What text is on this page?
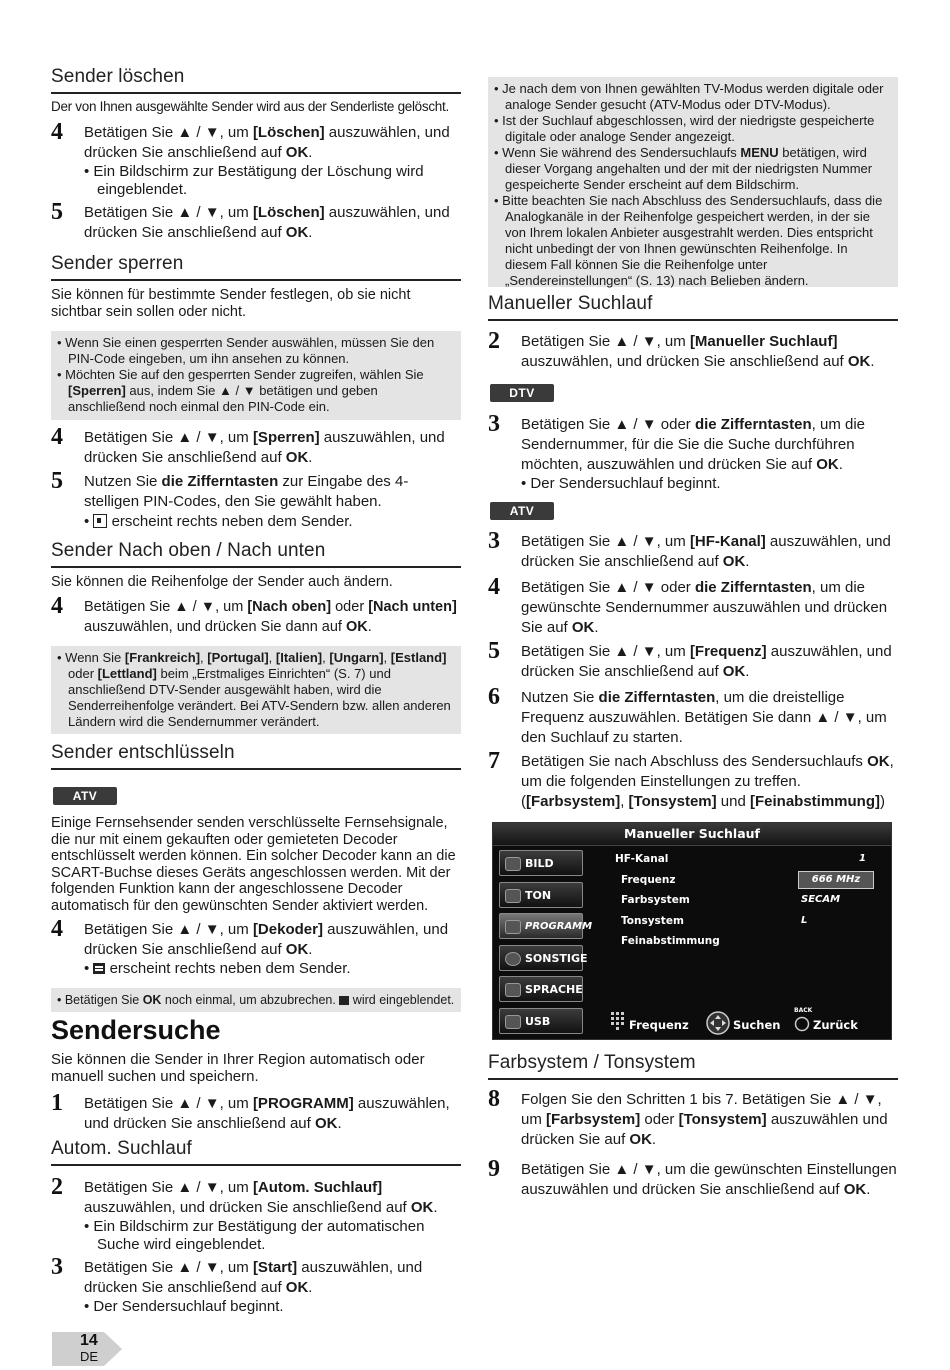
Sender löschen
Der von Ihnen ausgewählte Sender wird aus der Senderliste gelöscht.
4 Betätigen Sie ▲ / ▼, um [Löschen] auszuwählen, und drücken Sie anschließend auf OK.
• Ein Bildschirm zur Bestätigung der Löschung wird eingeblendet.
5 Betätigen Sie ▲ / ▼, um [Löschen] auszuwählen, und drücken Sie anschließend auf OK.
Sender sperren
Sie können für bestimmte Sender festlegen, ob sie nicht sichtbar sein sollen oder nicht.
• Wenn Sie einen gesperrten Sender auswählen, müssen Sie den PIN-Code eingeben, um ihn ansehen zu können.
• Möchten Sie auf den gesperrten Sender zugreifen, wählen Sie [Sperren] aus, indem Sie ▲ / ▼ betätigen und geben anschließend noch einmal den PIN-Code ein.
4 Betätigen Sie ▲ / ▼, um [Sperren] auszuwählen, und drücken Sie anschließend auf OK.
5 Nutzen Sie die Zifferntasten zur Eingabe des 4-stelligen PIN-Codes, den Sie gewählt haben.
•
erscheint rechts neben dem Sender.
Sender Nach oben / Nach unten
Sie können die Reihenfolge der Sender auch ändern.
4 Betätigen Sie ▲ / ▼, um [Nach oben] oder [Nach unten] auszuwählen, und drücken Sie dann auf OK.
• Wenn Sie [Frankreich], [Portugal], [Italien], [Ungarn], [Estland] oder [Lettland] beim „Erstmaliges Einrichten“ (S. 7) und anschließend DTV-Sender ausgewählt haben, wird die Senderreihenfolge verändert. Bei ATV-Sendern bzw. allen anderen Ländern wird die Sendernummer verändert.
Sender entschlüsseln
ATV
Einige Fernsehsender senden verschlüsselte Fernsehsignale, die nur mit einem gekauften oder gemieteten Decoder entschlüsselt werden können. Ein solcher Decoder kann an die SCART-Buchse dieses Geräts angeschlossen werden. Mit der folgenden Funktion kann der angeschlossene Decoder automatisch für den gewünschten Sender aktiviert werden.
4 Betätigen Sie ▲ / ▼, um [Dekoder] auszuwählen, und drücken Sie anschließend auf OK.
•
erscheint rechts neben dem Sender.
• Betätigen Sie OK noch einmal, um abzubrechen.  wird eingeblendet.
Sendersuche
Sie können die Sender in Ihrer Region automatisch oder manuell suchen und speichern.
1 Betätigen Sie ▲ / ▼, um [PROGRAMM] auszuwählen, und drücken Sie anschließend auf OK.
Autom. Suchlauf
2 Betätigen Sie ▲ / ▼, um [Autom. Suchlauf] auszuwählen, und drücken Sie anschließend auf OK.
• Ein Bildschirm zur Bestätigung der automatischen Suche wird eingeblendet.
3 Betätigen Sie ▲ / ▼, um [Start] auszuwählen, und drücken Sie anschließend auf OK.
• Der Sendersuchlauf beginnt.
• Je nach dem von Ihnen gewählten TV-Modus werden digitale oder analoge Sender gesucht (ATV-Modus oder DTV-Modus).
• Ist der Suchlauf abgeschlossen, wird der niedrigste gespeicherte digitale oder analoge Sender angezeigt.
• Wenn Sie während des Sendersuchlaufs MENU betätigen, wird dieser Vorgang angehalten und der mit der niedrigsten Nummer gespeicherte Sender erscheint auf dem Bildschirm.
• Bitte beachten Sie nach Abschluss des Sendersuchlaufs, dass die Analogkanäle in der Reihenfolge gespeichert werden, in der sie von Ihrem lokalen Anbieter ausgestrahlt werden. Dies entspricht nicht unbedingt der von Ihnen gewünschten Reihenfolge. In diesem Fall können Sie die Reihenfolge unter „Sendereinstellungen“ (S. 13) nach Belieben ändern.
Manueller Suchlauf
2 Betätigen Sie ▲ / ▼, um [Manueller Suchlauf] auszuwählen, und drücken Sie anschließend auf OK.
DTV
3 Betätigen Sie ▲ / ▼ oder die Zifferntasten, um die Sendernummer, für die Sie die Suche durchführen möchten, auszuwählen und drücken Sie auf OK.
• Der Sendersuchlauf beginnt.
ATV
3 Betätigen Sie ▲ / ▼, um [HF-Kanal] auszuwählen, und drücken Sie anschließend auf OK.
4 Betätigen Sie ▲ / ▼ oder die Zifferntasten, um die gewünschte Sendernummer auszuwählen und drücken Sie auf OK.
5 Betätigen Sie ▲ / ▼, um [Frequenz] auszuwählen, und drücken Sie anschließend auf OK.
6 Nutzen Sie die Zifferntasten, um die dreistellige Frequenz auszuwählen. Betätigen Sie dann ▲ / ▼, um den Suchlauf zu starten.
7 Betätigen Sie nach Abschluss des Sendersuchlaufs OK, um die folgenden Einstellungen zu treffen.
([Farbsystem], [Tonsystem] und [Feinabstimmung])
Farbsystem / Tonsystem
8 Folgen Sie den Schritten 1 bis 7. Betätigen Sie ▲ / ▼, um [Farbsystem] oder [Tonsystem] auszuwählen und drücken Sie auf OK.
9 Betätigen Sie ▲ / ▼, um die gewünschten Einstellungen auszuwählen und drücken Sie anschließend auf OK.
Manueller Suchlauf
BILD
TON
PROGRAMM
SONSTIGE
SPRACHE
USB
HF-Kanal	1
Frequenz	666 MHz
Farbsystem	SECAM
Tonsystem	L
Feinabstimmung
Frequenz	Suchen
BACK
Zurück
14
DE
